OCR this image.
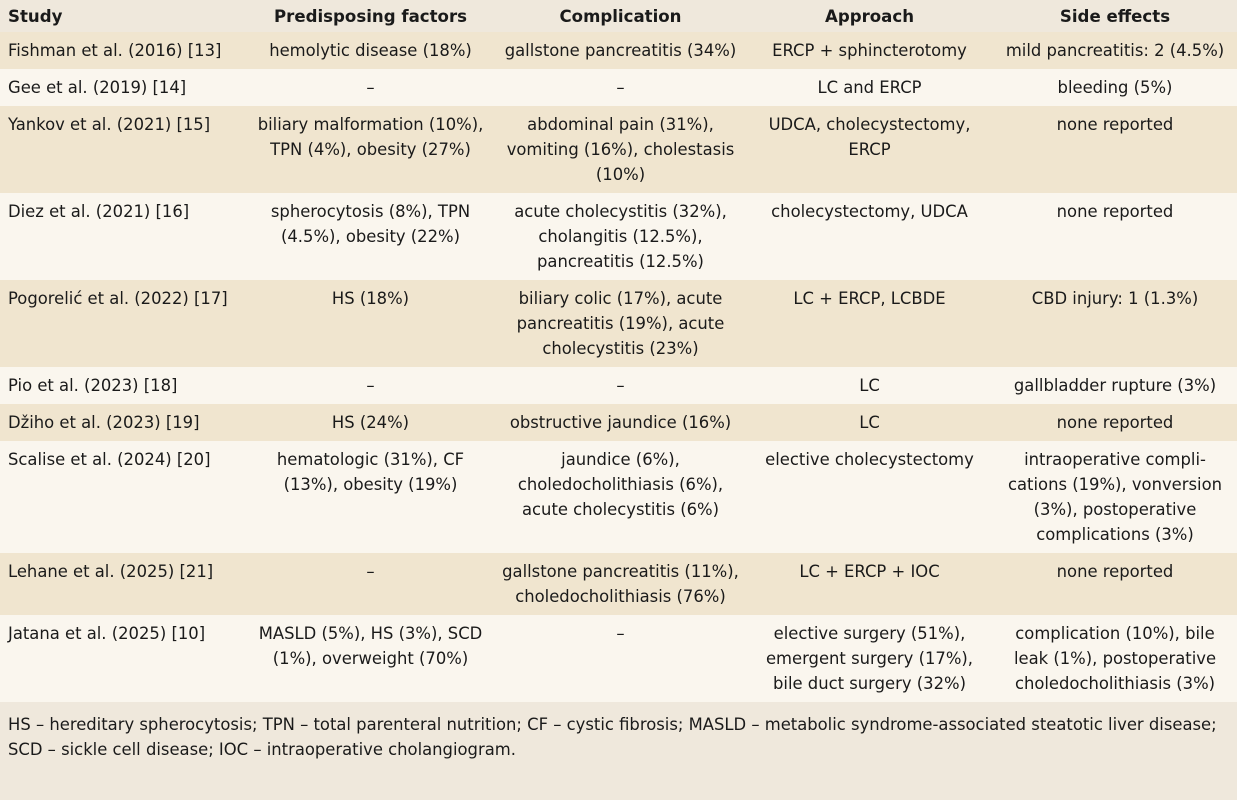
Study	Predisposing factors	Complication	Approach	Side effects
Fishman et al. (2016) [13]	hemolytic disease (18%)	gallstone pancreatitis (34%)	ERCP + sphincterotomy	mild pancreatitis: 2 (4.5%)
Gee et al. (2019) [14]	–	–	LC and ERCP	bleeding (5%)
Yankov et al. (2021) [15]	biliary malformation (10%), TPN (4%), obesity (27%)	abdominal pain (31%), vomiting (16%), cholestasis (10%)	UDCA, cholecystectomy, ERCP	none reported
Diez et al. (2021) [16]	spherocytosis (8%), TPN (4.5%), obesity (22%)	acute cholecystitis (32%), cholangitis (12.5%), pancreatitis (12.5%)	cholecystectomy, UDCA	none reported
Pogorelić et al. (2022) [17]	HS (18%)	biliary colic (17%), acute pancreatitis (19%), acute cholecystitis (23%)	LC + ERCP, LCBDE	CBD injury: 1 (1.3%)
Pio et al. (2023) [18]	–	–	LC	gallbladder rupture (3%)
Džiho et al. (2023) [19]	HS (24%)	obstructive jaundice (16%)	LC	none reported
Scalise et al. (2024) [20]	hematologic (31%), CF (13%), obesity (19%)	jaundice (6%), choledocholithiasis (6%), acute cholecystitis (6%)	elective cholecystectomy	intraoperative compli-cations (19%), vonversion (3%), postoperative complications (3%)
Lehane et al. (2025) [21]	–	gallstone pancreatitis (11%), choledocholithiasis (76%)	LC + ERCP + IOC	none reported
Jatana et al. (2025) [10]	MASLD (5%), HS (3%), SCD (1%), overweight (70%)	–	elective surgery (51%), emergent surgery (17%), bile duct surgery (32%)	complication (10%), bile leak (1%), postoperative choledocholithiasis (3%)
HS – hereditary spherocytosis; TPN – total parenteral nutrition; CF – cystic fibrosis; MASLD – metabolic syndrome-associated steatotic liver disease; SCD – sickle cell disease; IOC – intraoperative cholangiogram.
